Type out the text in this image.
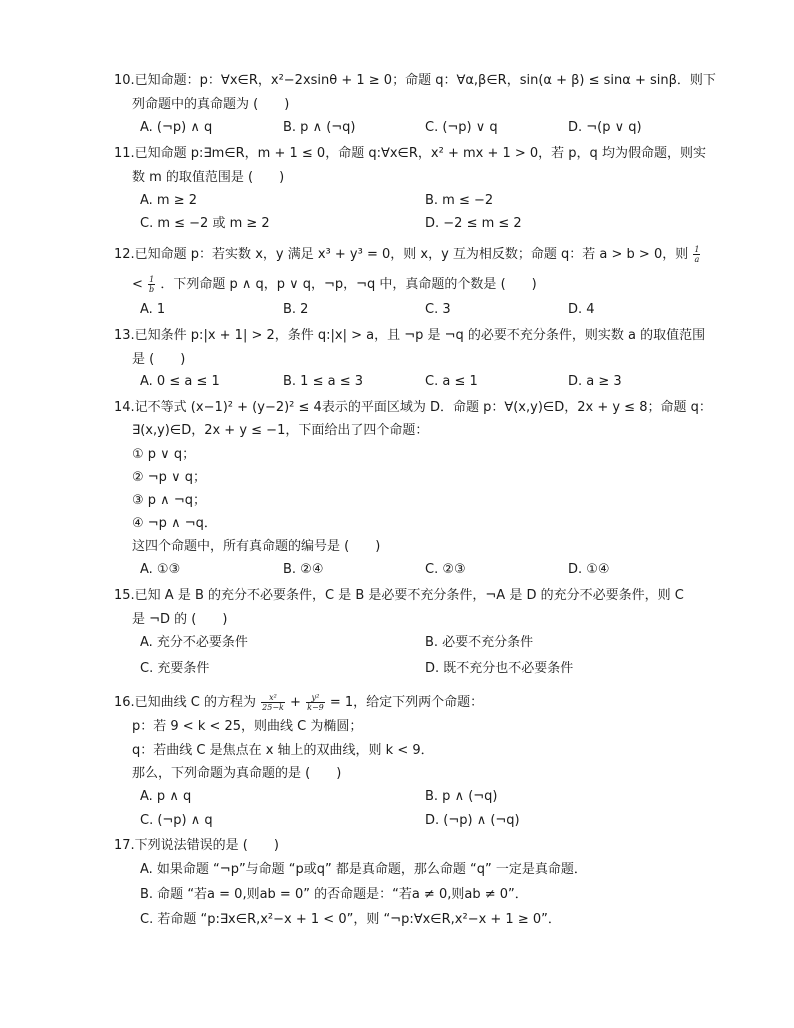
10.已知命题：p：∀x∈R，x²−2xsinθ + 1 ≥ 0；命题 q：∀α,β∈R，sin(α + β) ≤ sinα + sinβ．则下
列命题中的真命题为 (　　)
A. (¬p) ∧ q	B. p ∧ (¬q)	C. (¬p) ∨ q	D. ¬(p ∨ q)
11.已知命题 p:∃m∈R，m + 1 ≤ 0，命题 q:∀x∈R，x² + mx + 1 > 0，若 p，q 均为假命题，则实
数 m 的取值范围是 (　　)
A. m ≥ 2	B. m ≤ −2
C. m ≤ −2 或 m ≥ 2	D. −2 ≤ m ≤ 2
12.已知命题 p：若实数 x，y 满足 x³ + y³ = 0，则 x，y 互为相反数；命题 q：若 a > b > 0，则 $\frac{1}{a}$
< $\frac{1}{b}$ ．下列命题 p ∧ q，p ∨ q，¬p，¬q 中，真命题的个数是 (　　)
A. 1	B. 2	C. 3	D. 4
13.已知条件 p:|x + 1| > 2，条件 q:|x| > a，且 ¬p 是 ¬q 的必要不充分条件，则实数 a 的取值范围
是 (　　)
A. 0 ≤ a ≤ 1	B. 1 ≤ a ≤ 3	C. a ≤ 1	D. a ≥ 3
14.记不等式 (x−1)² + (y−2)² ≤ 4表示的平面区域为 D．命题 p：∀(x,y)∈D，2x + y ≤ 8；命题 q：
∃(x,y)∈D，2x + y ≤ −1，下面给出了四个命题：
① p ∨ q；
② ¬p ∨ q；
③ p ∧ ¬q；
④ ¬p ∧ ¬q．
这四个命题中，所有真命题的编号是 (　　)
A. ①③	B. ②④	C. ②③	D. ①④
15.已知 A 是 B 的充分不必要条件，C 是 B 是必要不充分条件，¬A 是 D 的充分不必要条件，则 C
是 ¬D 的 (　　)
A. 充分不必要条件	B. 必要不充分条件
C. 充要条件	D. 既不充分也不必要条件
16.已知曲线 C 的方程为 $\frac{\text{x²}}{25-k} + \frac{\text{y²}}{k-9} = 1$，给定下列两个命题：
p：若 9 < k < 25，则曲线 C 为椭圆；
q：若曲线 C 是焦点在 x 轴上的双曲线，则 k < 9．
那么，下列命题为真命题的是 (　　)
A. p ∧ q	B. p ∧ (¬q)
C. (¬p) ∧ q	D. (¬p) ∧ (¬q)
17.下列说法错误的是 (　　)
A. 如果命题 “¬p”与命题 “p或q” 都是真命题，那么命题 “q” 一定是真命题．
B. 命题 “若a = 0,则ab = 0” 的否命题是：“若a ≠ 0,则ab ≠ 0”．
C. 若命题 “p:∃x∈R,x²−x + 1 < 0”，则 “¬p:∀x∈R,x²−x + 1 ≥ 0”．
